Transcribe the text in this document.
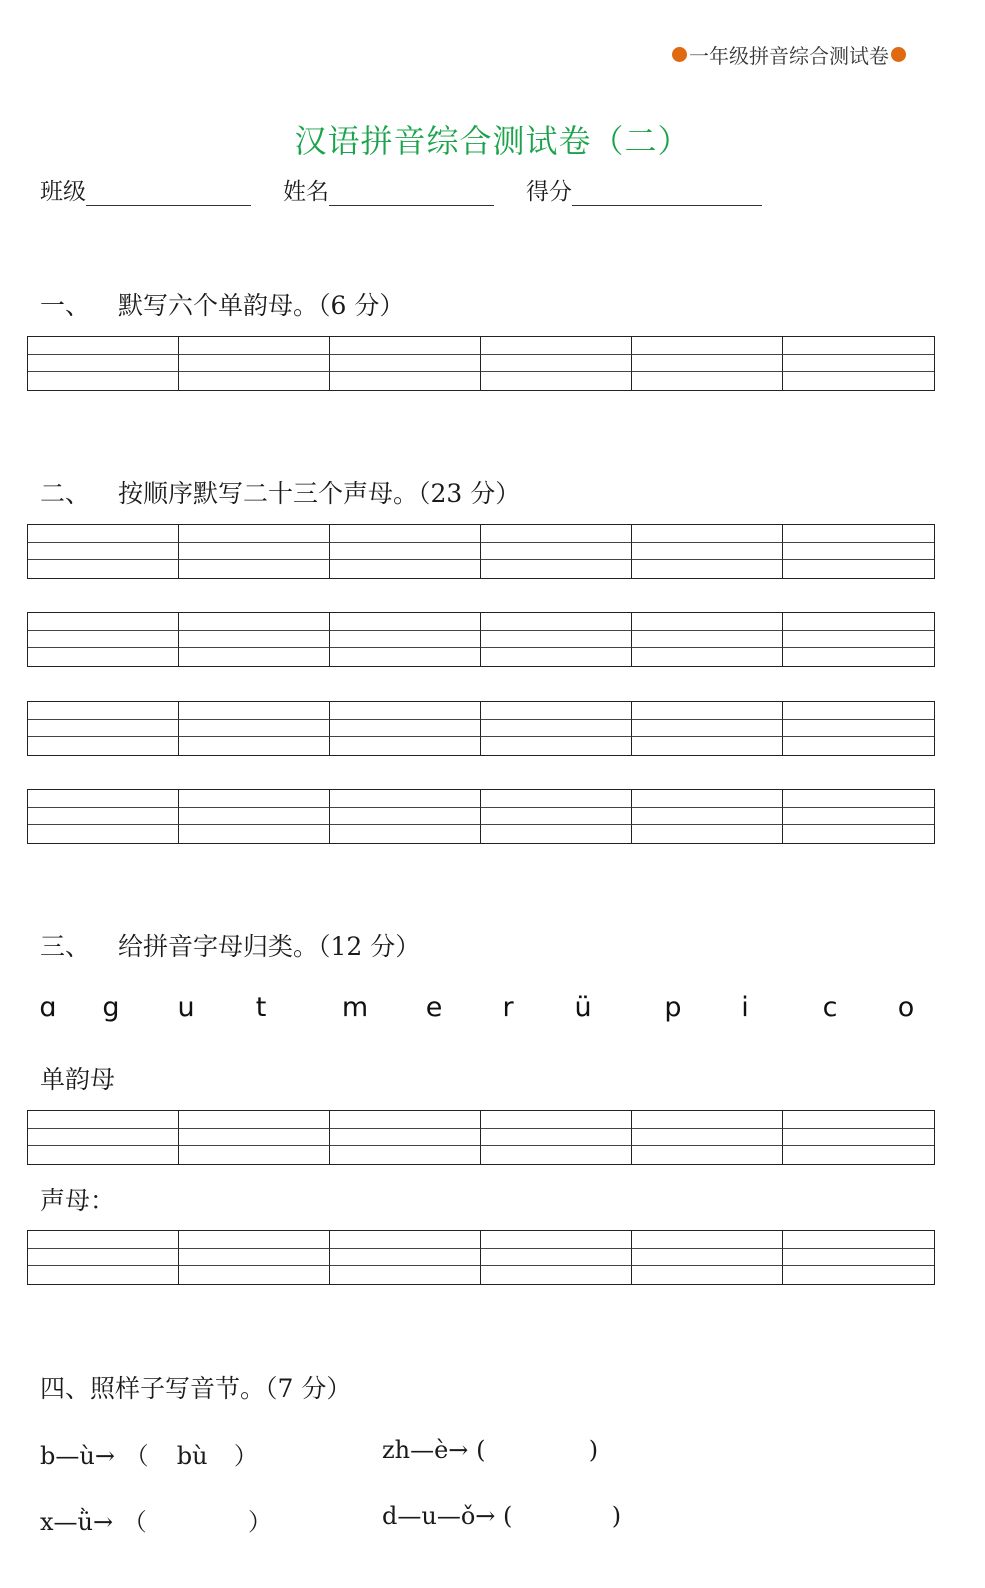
一年级拼音综合测试卷
汉语拼音综合测试卷（二）
班级	姓名	得分
一、 默写六个单韵母。（6 分）
二、 按顺序默写二十三个声母。（23 分）
三、 给拼音字母归类。（12 分）
ɑ g u t	m e r ü	p i	c o
单韵母
声母：
四、照样子写音节。（7 分）
b—ù→ （ bù ）	zh—è→ (	)
x—ǜ→ （	）	d—u—ǒ→ (	)
